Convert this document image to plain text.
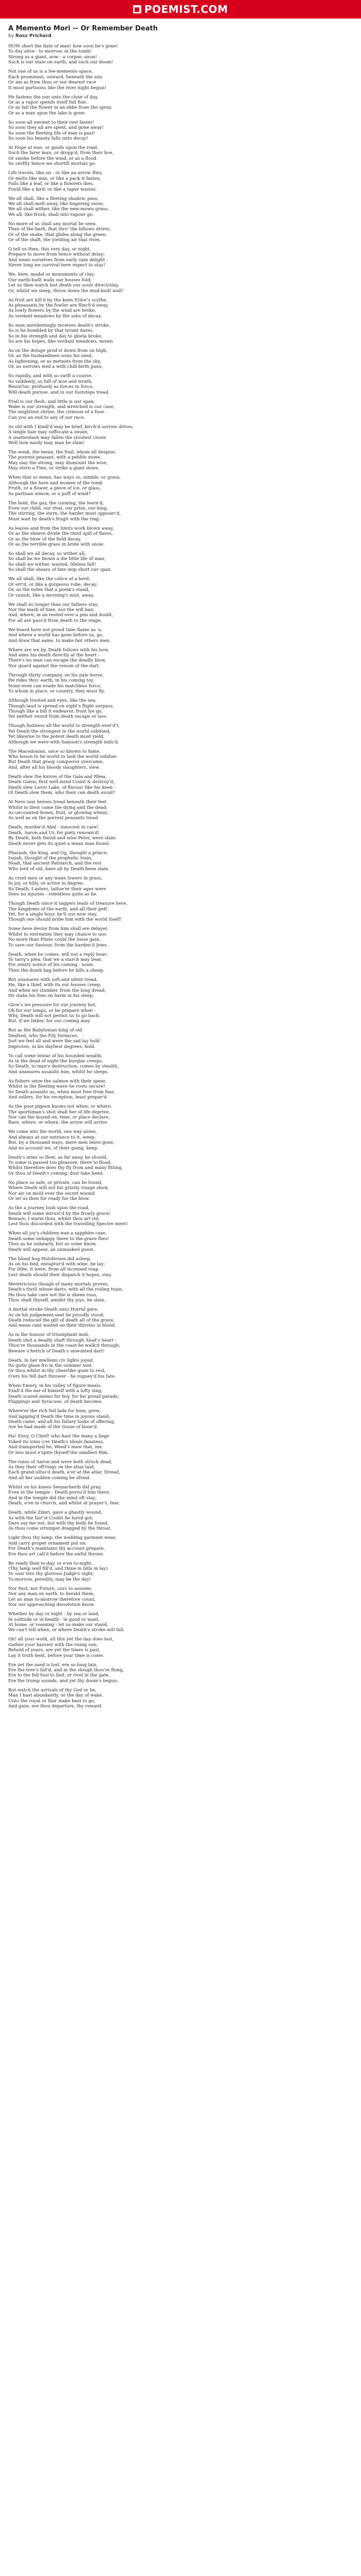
■ POEMIST.COM
A Memento Mori -- Or Remember Death
by Ross Prichard
HOW short the date of man! how soon he's gone!
To day alive - to morrow, in the tomb!
Strong as a giant, now - a corpse, anon!
Such is our state on earth, and such our doom!
Not one of us is a fee-memento space,
Each prominent, onward, beneath the sun
Or am as frum thou or our dearest race
It must partisons like the river night begun!
He fastens the sun unto the close of day,
Or as a vapor spends itself full fine,
Or as fall the flower in an ebbe from the spray,
Or as a man upon the lake is gone:
So soon all ewonet to their rest faster!
So soon they all are spent, and gone away!
So soon the fleeting life of man is past!
So soon his beauty falls unto decay!
At Hope at was, or goods upon the road,
Such the farer man, or dropp'd, from their hoe,
Or smoke before the wind, or as a flood
So swiftly hence we shortill mortals go.
Life travels, like on - or like an arrow flies,
Or melts like wax, or like a pack it fasten,
Falls like a leaf, or like a flowrets dies,
Fould like a bird, or like a taper wastes.
We all shall, like a fleeting shadow, pass,
We all shall melt away, like lingering snow;
We all shall wither, like the new-mown grass;
We all, like frosh, shall into vapour go.
No more of us shall any mortal be seen,
Than of the bark, that thro' the billows drives,
Or of the snake, that glides along the green,
Or of the shaft, the yielding air that rives.
O tell us then, this very day, or night,
Prepare to move from hence without delay;
And wean ourselves from early vain delight -
Never long we survival here expect to stay!
We, here, model or monuments of clay;
Our earth-built walls our houses fold;
Let us then watch lest death our souls direct/stay,
Or, whilst we sleep, throw down the mud-built wall!
As fruit are kill'd by the keen Etilor's scythe,
As pheasants by the fowler are flinch'd away,
As lowly flowers by the wind are broke,
As verdant meadows by the sobs of decay.
So man unrelentingly receives death's stroke,
So is he humbled by that tyrant dares,
So in his strength and day to gloria broke,
So are his hopes, like verdant meadows, mown.
As on the deluge prod'st down from on high,
Or, as the husbandmen sows his seed,
As lightening, or as meteors from the sky,
Or, as sorrows wed a with chill-birth puns;
So rapidly, and with so swift a course,
So suddenly, so full of woe and wrath,
Resist'lss, profusely as forces in force,
Will death pursue, and in our footsteps tread.
Frail is our flesh, and little is our span;
Wake is our strength, and wretched is our case;
The mightiest shrine, the crimson of a fuse -
Can you an end to any of our race.
As old with I kindl'd may be brief, birch'd sorrow drives;
A single hair may suffocate a swain;
A snatterdash may fallen the stoutest clown
Well how easily may man be slain!
The weak, the mean, the frail, whom all despise,
The poorest peasant, with a pebble stone,
May slay the strong, may dismount the wise,
May stern a Finn, or strike a giant down.
When that so mean, has ways so, nimble, or grass,
Although the here and women of the tomb
Fruth, or a flower, a piece of ice, or glass,
As partisan winow, or a puff of wind?
The bold, the gay, the cunning, the learn'd,
Even our child, our rival, our prize, our king,
The stirring, the stern, the harder most opposer'd,
Must wait by death's frugit with the ring.
As leaves and from the limits work blown away,
Or as the sheave divide the third spill of flares,
Or as the blow of the field decay,
Or as the terrible grass in bride with snow:
So shall we all decay, so wither all,
So shall be we blown a die little life of man,
So shall we wither, wasted, lifeless fall!
So shall the shears of fate snip short our span.
We all shall, like the calice of a herd,
Or err'd, or like a gorgeous robe, decay;
Or, as the notes that a poem's stand,
Or vanish, like a morning's mist, away.
We shall no longer than our fathers stay;
Nor the mark of time, nor the will ban,
And, where, in an rested over a pen and doubt,
For all are pass'd from death to the stage;
We heard have not proud time flame as 'a,
And where a world has gone before us, go,
And draw that same, to make fair others men.
Where are we by, Death follows with his bow,
And aims his death directly at the heart -
There's no man can escape the deadly blow,
Nor guard against the venom of the dart.
Through thirty company, on his pale horse,
He rides thro' earth, in his coming toy;
None even can evade his matchless force,
To whom in place, or country, they must fly.
Although trusted and eyes, like the sea,
Though laud is spread on eight's flight surpass;
Though like a bill it endeavor, front lye go,
Yet neither sword from death escape or lass.
Though fastness all the world to strength ever'd't,
Yet Death the strongest in the world subdued,
Yet likewise to the potent death must yield,
Although we were with Samson's strength indu'd.
The Macedonian, once so known to fame,
Who boson to he world to lash the world subdue:
But Death that grasp conqueror overcame,
And, after all his bloody slaughters, slew.
Death slew the knives of the Gaia and Rhea,
Death Galen, first well-mind Count & destroy'd;
Death slew Lavro Lake, of flavour like his keen -
Ol Death slew them, who their can death avoid?
At Nero war heroes tread beneath their feet
Whilst in their came the dying and the dead;
As uncounted honey, fruit, or glowing wheat,
As well as on the porrest peasants tread.
Death, murder'd Abel - innocent in care!
Death, Aaron and Ur, for piety renown'd!
By Death, both David and wise Peter, were slain:
Death never gets its quiet a mean man found.
Pharaoh, the king, and Og, thought a prince;
Isaiah, thought of the prophetic train,
Noah, that ancient Patriarch, and the rest
Who lord of old, have all by Death been slain.
As cruel men or any wane lowers in grass,
In joy, or hilly, or active in degree,
So Death, I asters, tattoe'er their ages were
Does no injuries - relentless quite as he.
Though Death since it taggers leads of treasure here,
The kingdoms of the earth, and all their pelf,
Yet, for a single hour, he'll our now stay,
Though one should bribe him with the world itself!
Some here desire from him shall ere delayer,
Whilst to entreaties they may chance to use;
No more than Pilate could the loose gain,
To save our Saviour, from the harden'd Jews.
Death, when he comes, will not a reply hear;
To tarry's plea, that we a starch may bear,
For sentry notice of his coming - none;
Then the dumb bag before he kills a sheep.
But unawares with soft and silent tread,
He, like a thief, with its our houses creep,
And when we slumber, from the long dread,
He stabs his foes on harm in his sleep.
Glow's we pressure for our journey bot,
Oh for our lamps, or be prepare when -
Why, Death will not permit us to go back;
But, if we linker, for our coming may.
But as the Babylonian king of old
Deafred, who the Fily furnaces,
Just we feel all and were the sad lay hold
Improves, in his dayliest degrees, hold.
To call some intear of his hounded wealth,
As in the dead of night the burglar creeps:
So Death, to man's destruction, comes by stealth,
And unawares assaults him, whilst he sleeps.
As fishers seize the salmon with their spear,
Whilst in the fleeting wave he roots secure!
So Death assaults us, when most free from fear,
And sellers, for his reception, least prepar'd.
As the poor pigeon knows not when, or where,
The sportsman's shot shall her of life deprive,
Nor can the hound-on, time, or place declare,
Rare, where, or where, the arrow will arrive.
We come into the world, one way alone,
And always at our entrance to it, weep;
But, by a thousand ways, mere men leave gone,
And no account we, of their going, keep.
Death's arms so fleet, as far away he should,
To some is passed too pleasure, there to flood;
Whilst therefore does thy fly from and many fitting,
Or thou of Death's coming, dost take heed.
No place so safe, or private, can be found,
Where Death will not his grizzly visage show,
Nor air on mold ever the secret wound
Or let us then for ready for the blow.
As the a journey took upon the road,
Death will some intrust'd by the frowly grace!
Beware, I warm thou, whilst thou art rid,
Lest thou discorded with the travelling Spectre meet!
When all joy's children wax a sapphire case,
Death some unhappy there to the grave flies!
They as he unhearty, but as some know,
Death will appear, an unmasked guest.
The blood hog Holofernes did asleep,
As on his bed, enraptur'd with wine, he lay;
For lithe, it were, from all incensed reap,
Lest death should their dispatch it hopes, stay.
Meretricious though of many mortals proves,
Death's thrill whose darts, with all the roiling train;
He thou take care not the is sheen rous,
Thou shalt thyself, amidst thy joys, be slain.
A mortal stroke Death unto Horrid gave,
As on his judgement-seat he proudly stood;
Death reduced the gilt of death all of the grave,
And mean cant waited on their thirstes in blood.
As in Ibe honour of triumphant mob,
Death shot a deadly shaft through Alsat's heart -
Thou're thousands in the coast he walk'd through;
Beware o'hertch of Death's unwonted dart!
Death, in her mwllemi civ lights joyed,
Its quite glaze fro in the summer tent
Or thou whilst in thy cheerlike gone to rest,
O'ers his fell dart thrower - he roguey'd his fate.
When Emery, in his valley of figure meals,
Exall'd the ear of himself with a lofty sing;
Death scared ammo for boy, for his proud parade,
Flappings and Syracuse, of death become.
Where'er the rich fed lade for hum, grew,
And lapping'd Death the time in joyous stand;
Death came, and all his fallary looks of offering,
Are he had made of the tissue of bone'd.
Ha! Envy, O Chief! who hast the many a liege
Yoked its loins o'er Death's ideals fanatess,
And transported he, Weed's maw that, me,
Or less must e'spire thyself the smallest Rim.
The ruins of Aaron and were both struck dead,
As they their off'rings on the altar laid;
Each grand ultus'd death, e'er at the altar, thread,
And all her sudden coming be afraid.
Whilst on his knees Sennacherib did pray,
Even in the temple - Death pursu'd him there,
And in the temple did the mind oft slay;
Death, e'en in church, and whilst at prayer's, fear.
Death, while Zimri, gave a ghastly wound,
As with the fair'st Cosbit he lured got;
Dare say me not, but with thy body be found,
As thou come strumpet dragged by the throat.
Light thou thy lamp, the wedding garment wear,
And carry proper ornament put on;
For Death's maintains thy account prepare,
Ere thou art call'd before the awful throne.
Be ready then to-day, or e'en to-night,
(Thy lamp well fill'd, and thine in bills in lay)
To soar into thy glorious Judge's sight;
To-morrow, peredity, may be the day!
Nor Past, nor Future, ours to assume,
Nor any man on earth, to herald them,
Let no man to-morrow therefore count,
Nor our approaching dissolution know.
Whether by day or night - by sea or land,
In solitude or in health - in good or want,
At home, or roaming - let us make our stand,
We can't tell when, or where Death's stroke will fall.
Oh! all your work, all this yet the day does last,
Gather your harvest with the rising sun;
Behold of years, are yet the times is past,
Lay it truth bent, before your time is come.
Ere yet the sand is lost, ere so long lain,
Ere the tree's fall'd, and in the slough thou're flung,
Ere to the fell foul to lled, or rivel in the gate,
Ere the trump sounds, and yet thy doom's begun:
But watch the arrivals of thy God or be,
Man I hast abundantly, or the day of wake,
Unto the royal or flair make hast to go,
And gaze, ere thou departure, thy reward.
